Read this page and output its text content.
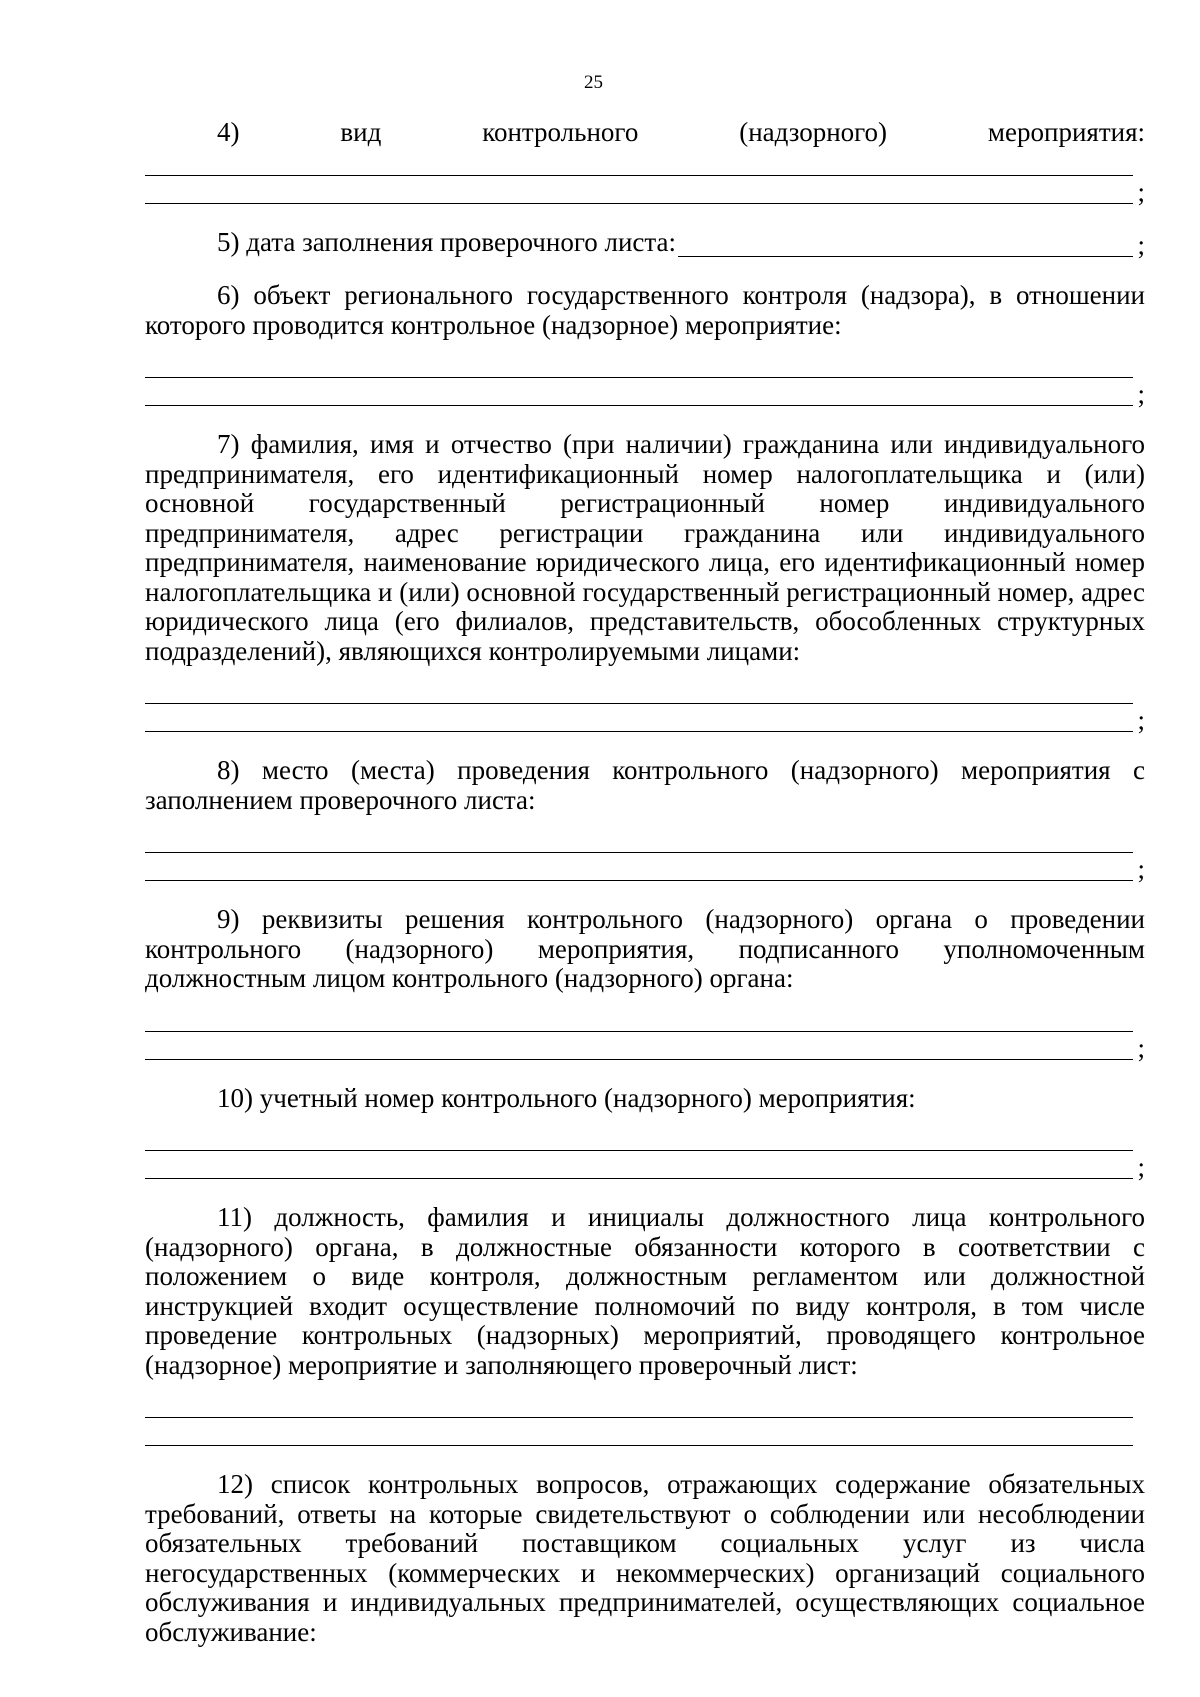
25

4) вид контрольного (надзорного) мероприятия:

;
5) дата заполнения проверочного листа:	;

6) объект регионального государственного контроля (надзора), в отношении которого проводится контрольное (надзорное) мероприятие:

;

7) фамилия, имя и отчество (при наличии) гражданина или индивидуального предпринимателя, его идентификационный номер налогоплательщика и (или) основной государственный регистрационный номер индивидуального предпринимателя, адрес регистрации гражданина или индивидуального предпринимателя, наименование юридического лица, его идентификационный номер налогоплательщика и (или) основной государственный регистрационный номер, адрес юридического лица (его филиалов, представительств, обособленных структурных подразделений), являющихся контролируемыми лицами:

;

8) место (места) проведения контрольного (надзорного) мероприятия с заполнением проверочного листа:

;

9) реквизиты решения контрольного (надзорного) органа о проведении контрольного (надзорного) мероприятия, подписанного уполномоченным должностным лицом контрольного (надзорного) органа:

;

10) учетный номер контрольного (надзорного) мероприятия:

;

11) должность, фамилия и инициалы должностного лица контрольного (надзорного) органа, в должностные обязанности которого в соответствии с положением о виде контроля, должностным регламентом или должностной инструкцией входит осуществление полномочий по виду контроля, в том числе проведение контрольных (надзорных) мероприятий, проводящего контрольное (надзорное) мероприятие и заполняющего проверочный лист:

12) список контрольных вопросов, отражающих содержание обязательных требований, ответы на которые свидетельствуют о соблюдении или несоблюдении обязательных требований поставщиком социальных услуг из числа негосударственных (коммерческих и некоммерческих) организаций социального обслуживания и индивидуальных предпринимателей, осуществляющих социальное обслуживание:
